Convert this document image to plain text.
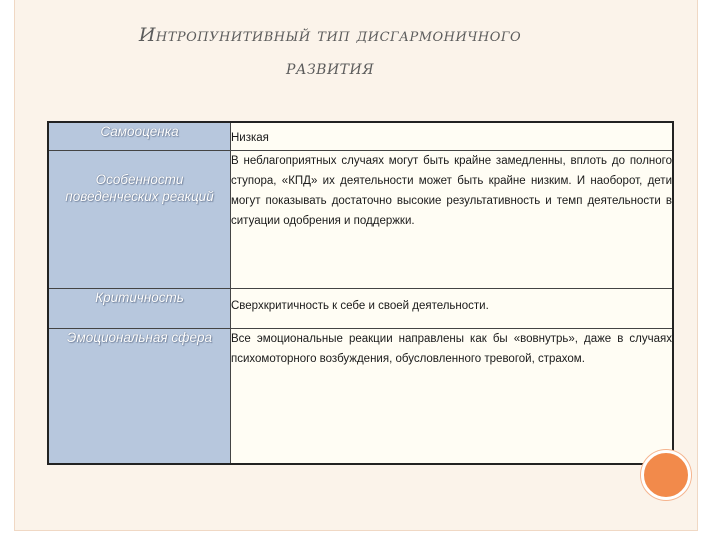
Интропунитивный тип дисгармоничного
РАЗВИТИЯ
Самооценка	Низкая
Особенности поведенческих реакций	В неблагоприятных случаях могут быть крайне замедленны, вплоть до полного ступора, «КПД» их деятельности может быть крайне низким. И наоборот, дети могут показывать достаточно высокие результативность и темп деятельности в ситуации одобрения и поддержки.
Критичность	Сверхкритичность к себе и своей деятельности.
Эмоциональная сфера	Все эмоциональные реакции направлены как бы «вовнутрь», даже в случаях психомоторного возбуждения, обусловленного тревогой, страхом.
